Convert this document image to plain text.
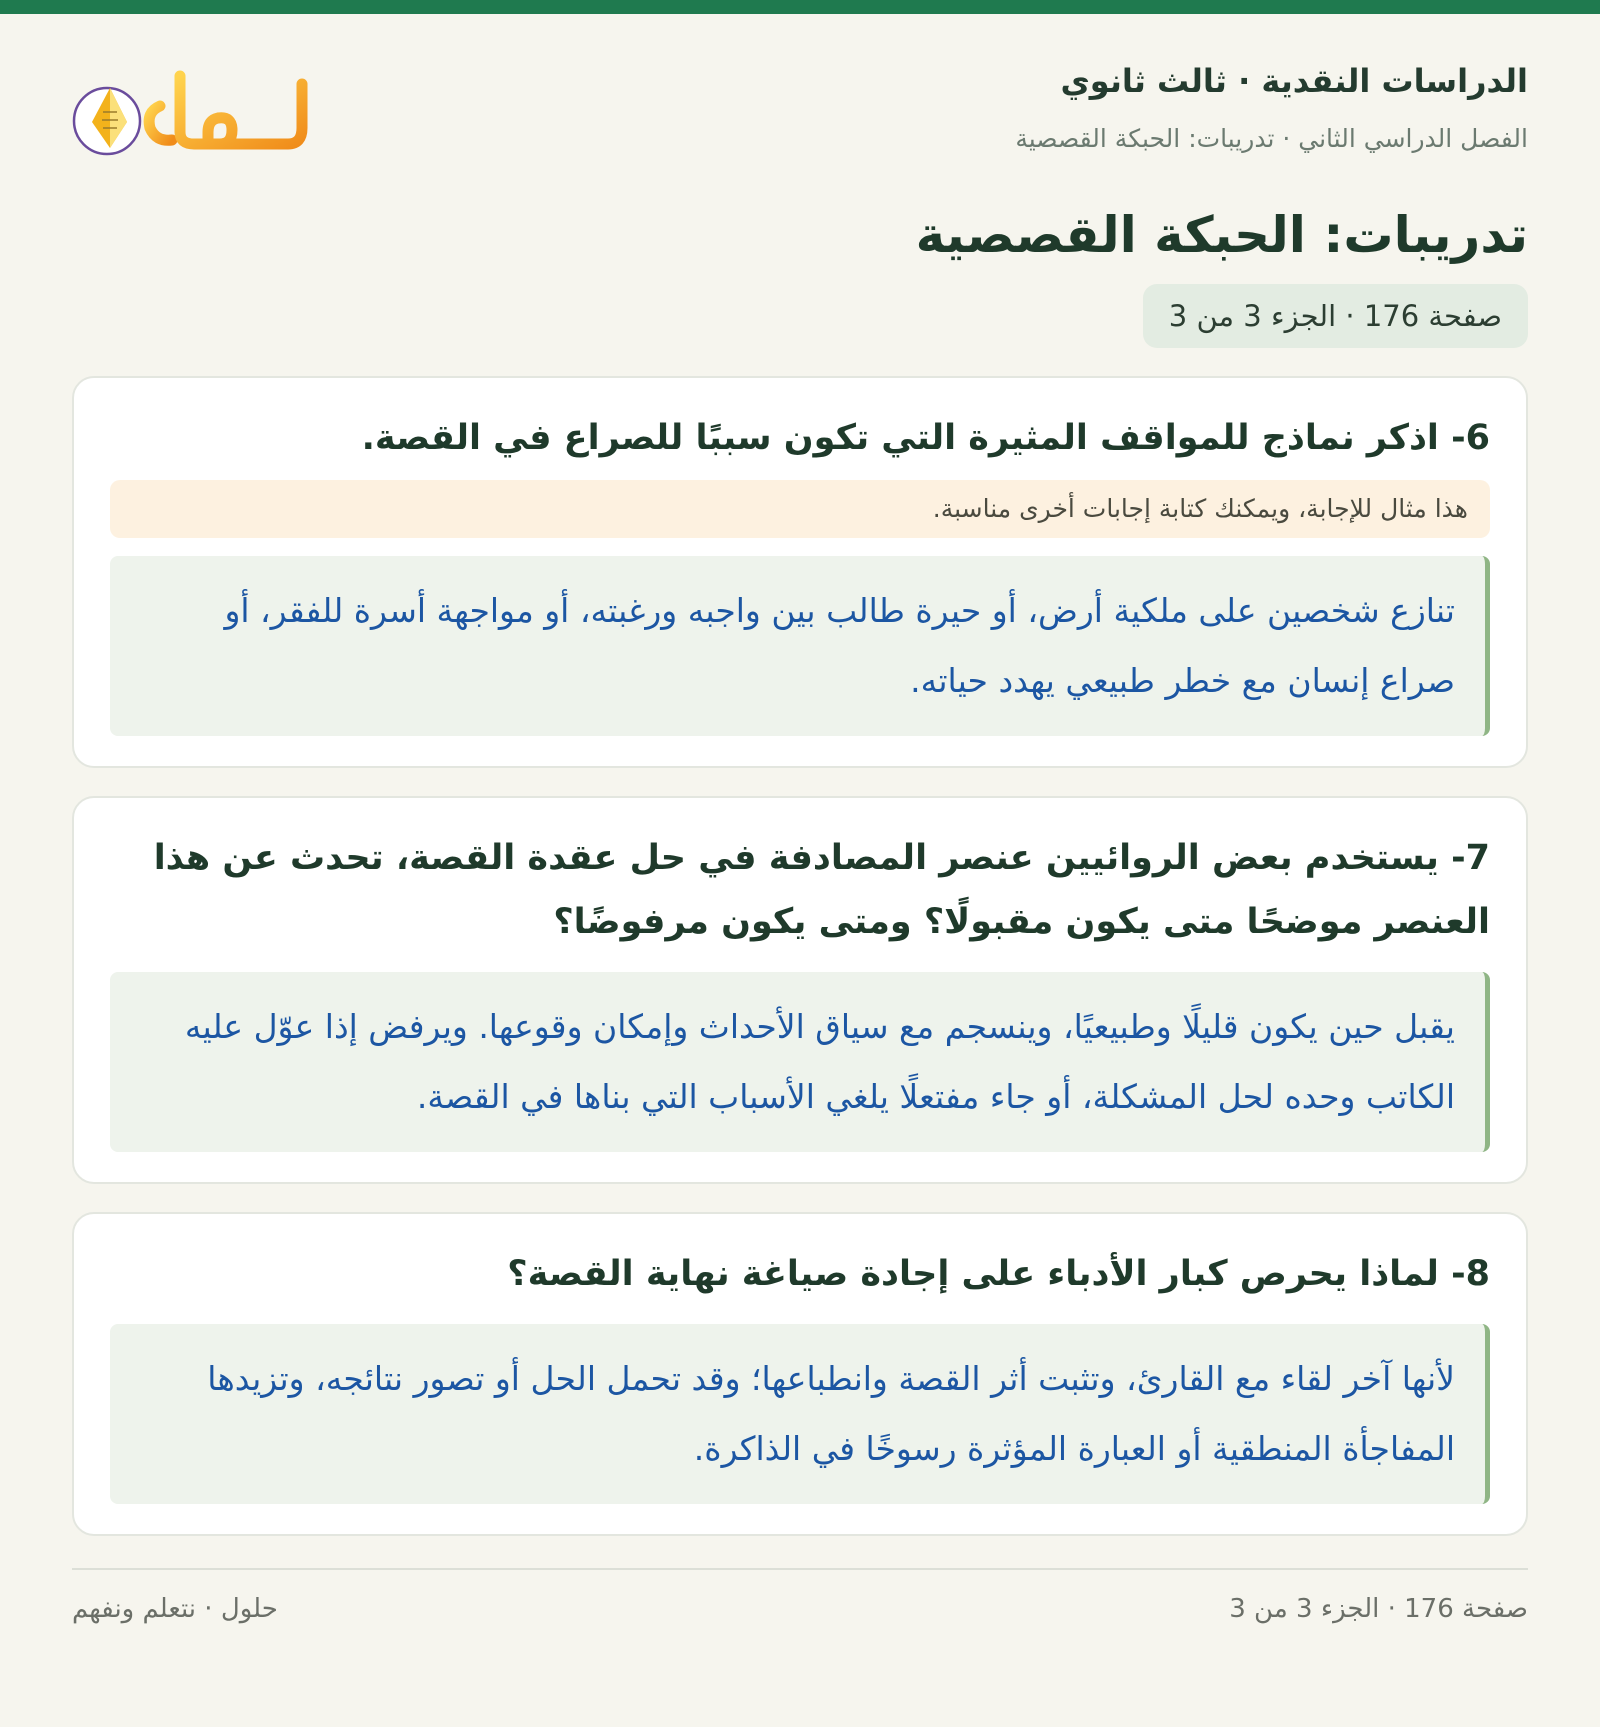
الدراسات النقدية · ثالث ثانوي
الفصل الدراسي الثاني · تدريبات: الحبكة القصصية
تدريبات: الحبكة القصصية
صفحة 176 · الجزء 3 من 3
6- اذكر نماذج للمواقف المثيرة التي تكون سببًا للصراع في القصة.
هذا مثال للإجابة، ويمكنك كتابة إجابات أخرى مناسبة.
تنازع شخصين على ملكية أرض، أو حيرة طالب بين واجبه ورغبته، أو مواجهة أسرة للفقر، أو صراع إنسان مع خطر طبيعي يهدد حياته.
7- يستخدم بعض الروائيين عنصر المصادفة في حل عقدة القصة، تحدث عن هذا العنصر موضحًا متى يكون مقبولًا؟ ومتى يكون مرفوضًا؟
يقبل حين يكون قليلًا وطبيعيًا، وينسجم مع سياق الأحداث وإمكان وقوعها. ويرفض إذا عوّل عليه الكاتب وحده لحل المشكلة، أو جاء مفتعلًا يلغي الأسباب التي بناها في القصة.
8- لماذا يحرص كبار الأدباء على إجادة صياغة نهاية القصة؟
لأنها آخر لقاء مع القارئ، وتثبت أثر القصة وانطباعها؛ وقد تحمل الحل أو تصور نتائجه، وتزيدها المفاجأة المنطقية أو العبارة المؤثرة رسوخًا في الذاكرة.
صفحة 176 · الجزء 3 من 3
حلول · نتعلم ونفهم
